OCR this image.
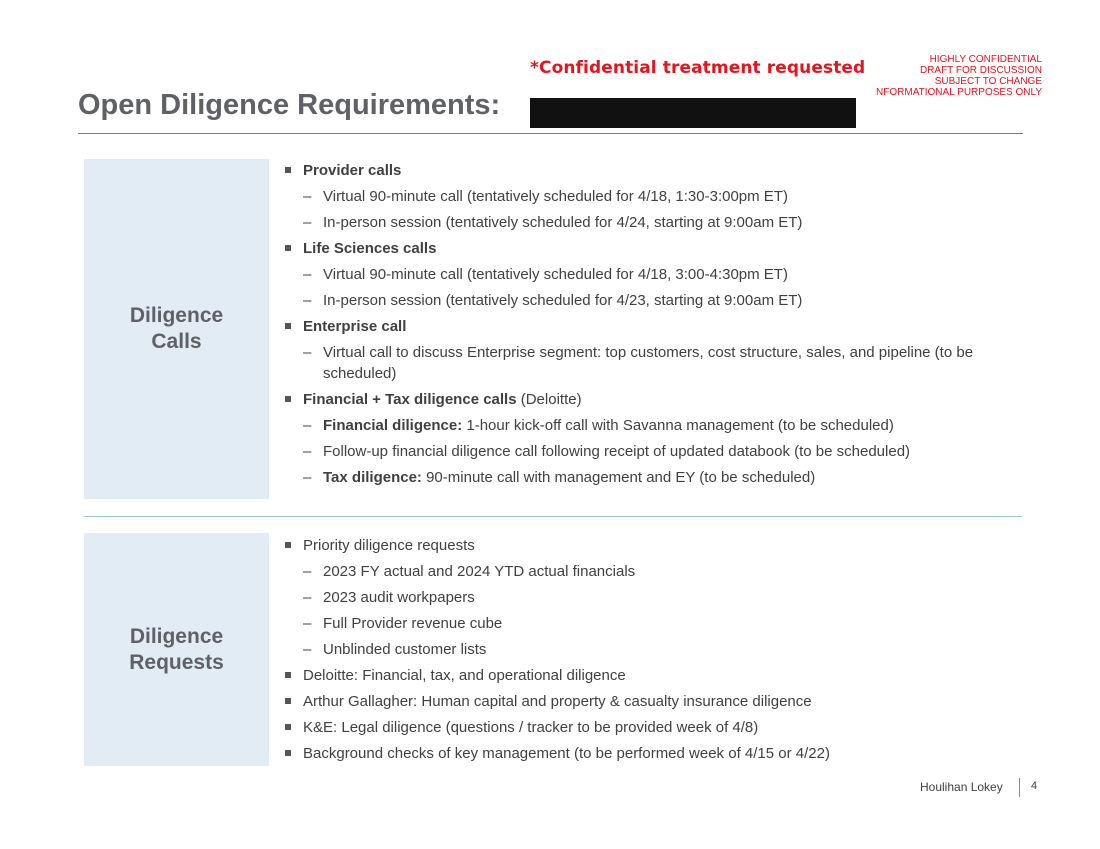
*Confidential treatment requested	HIGHLY CONFIDENTIAL
DRAFT FOR DISCUSSION
SUBJECT TO CHANGE
NFORMATIONAL PURPOSES ONLY
Open Diligence Requirements:
Diligence
Calls
Provider calls
– Virtual 90-minute call (tentatively scheduled for 4/18, 1:30-3:00pm ET)
– In-person session (tentatively scheduled for 4/24, starting at 9:00am ET)
Life Sciences calls
– Virtual 90-minute call (tentatively scheduled for 4/18, 3:00-4:30pm ET)
– In-person session (tentatively scheduled for 4/23, starting at 9:00am ET)
Enterprise call
– Virtual call to discuss Enterprise segment: top customers, cost structure, sales, and pipeline (to be scheduled)
Financial + Tax diligence calls (Deloitte)
– Financial diligence: 1-hour kick-off call with Savanna management (to be scheduled)
– Follow-up financial diligence call following receipt of updated databook (to be scheduled)
– Tax diligence: 90-minute call with management and EY (to be scheduled)
Diligence
Requests
Priority diligence requests
– 2023 FY actual and 2024 YTD actual financials
– 2023 audit workpapers
– Full Provider revenue cube
– Unblinded customer lists
Deloitte: Financial, tax, and operational diligence
Arthur Gallagher: Human capital and property & casualty insurance diligence
K&E: Legal diligence (questions / tracker to be provided week of 4/8)
Background checks of key management (to be performed week of 4/15 or 4/22)
Houlihan Lokey	4
